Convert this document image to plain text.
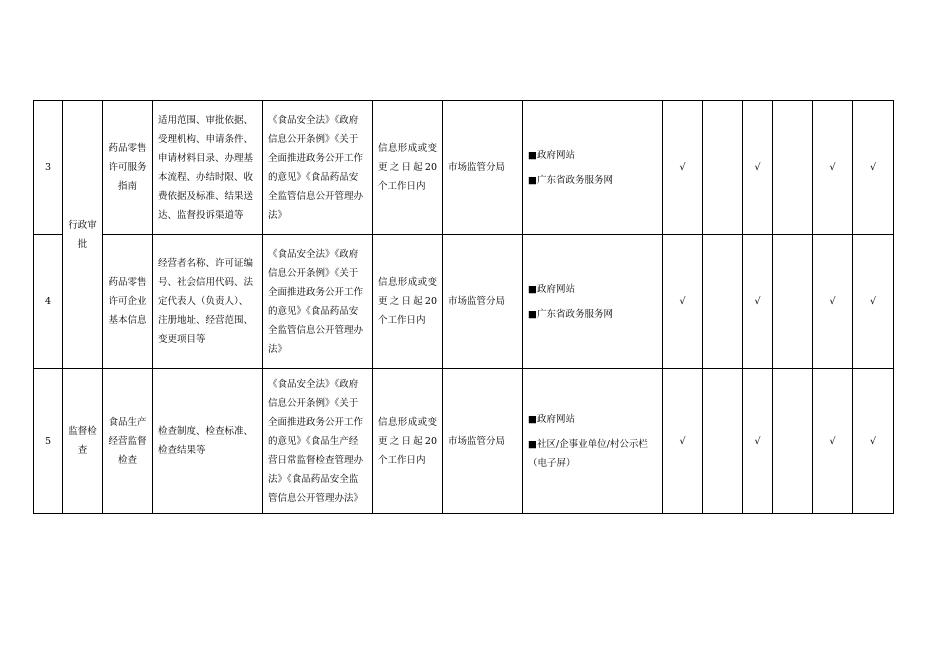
3	行政审批	药品零售许可服务指南	适用范围、审批依据、受理机构、申请条件、申请材料目录、办理基本流程、办结时限、收费依据及标准、结果送达、监督投诉渠道等	《食品安全法》《政府信息公开条例》《关于全面推进政务公开工作的意见》《食品药品安全监管信息公开管理办法》	信息形成或变更之日起20个工作日内	市场监管分局	■政府网站
■广东省政务服务网	√		√		√	√
4		药品零售许可企业基本信息	经营者名称、许可证编号、社会信用代码、法定代表人（负责人）、注册地址、经营范围、变更项目等	《食品安全法》《政府信息公开条例》《关于全面推进政务公开工作的意见》《食品药品安全监管信息公开管理办法》	信息形成或变更之日起20个工作日内	市场监管分局	■政府网站
■广东省政务服务网	√		√		√	√
5	监督检查	食品生产经营监督检查	检查制度、检查标准、检查结果等	《食品安全法》《政府信息公开条例》《关于全面推进政务公开工作的意见》《食品生产经营日常监督检查管理办法》《食品药品安全监管信息公开管理办法》	信息形成或变更之日起20个工作日内	市场监管分局	■政府网站
■社区/企事业单位/村公示栏（电子屏）	√		√		√	√
